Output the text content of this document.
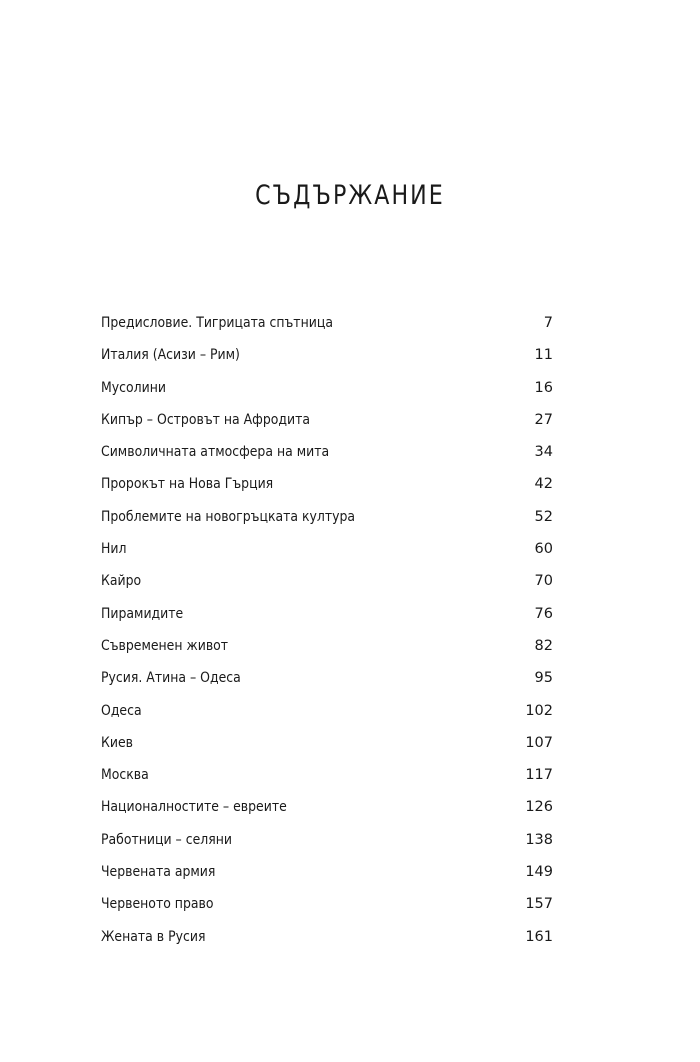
СЪДЪРЖАНИЕ
Предисловие. Тигрицата спътница	7
Италия (Асизи – Рим)	11
Мусолини	16
Кипър – Островът на Афродита	27
Символичната атмосфера на мита	34
Пророкът на Нова Гърция	42
Проблемите на новогръцката култура	52
Нил	60
Кайро	70
Пирамидите	76
Съвременен живот	82
Русия. Атина – Одеса	95
Одеса	102
Киев	107
Москва	117
Националностите – евреите	126
Работници – селяни	138
Червената армия	149
Червеното право	157
Жената в Русия	161
